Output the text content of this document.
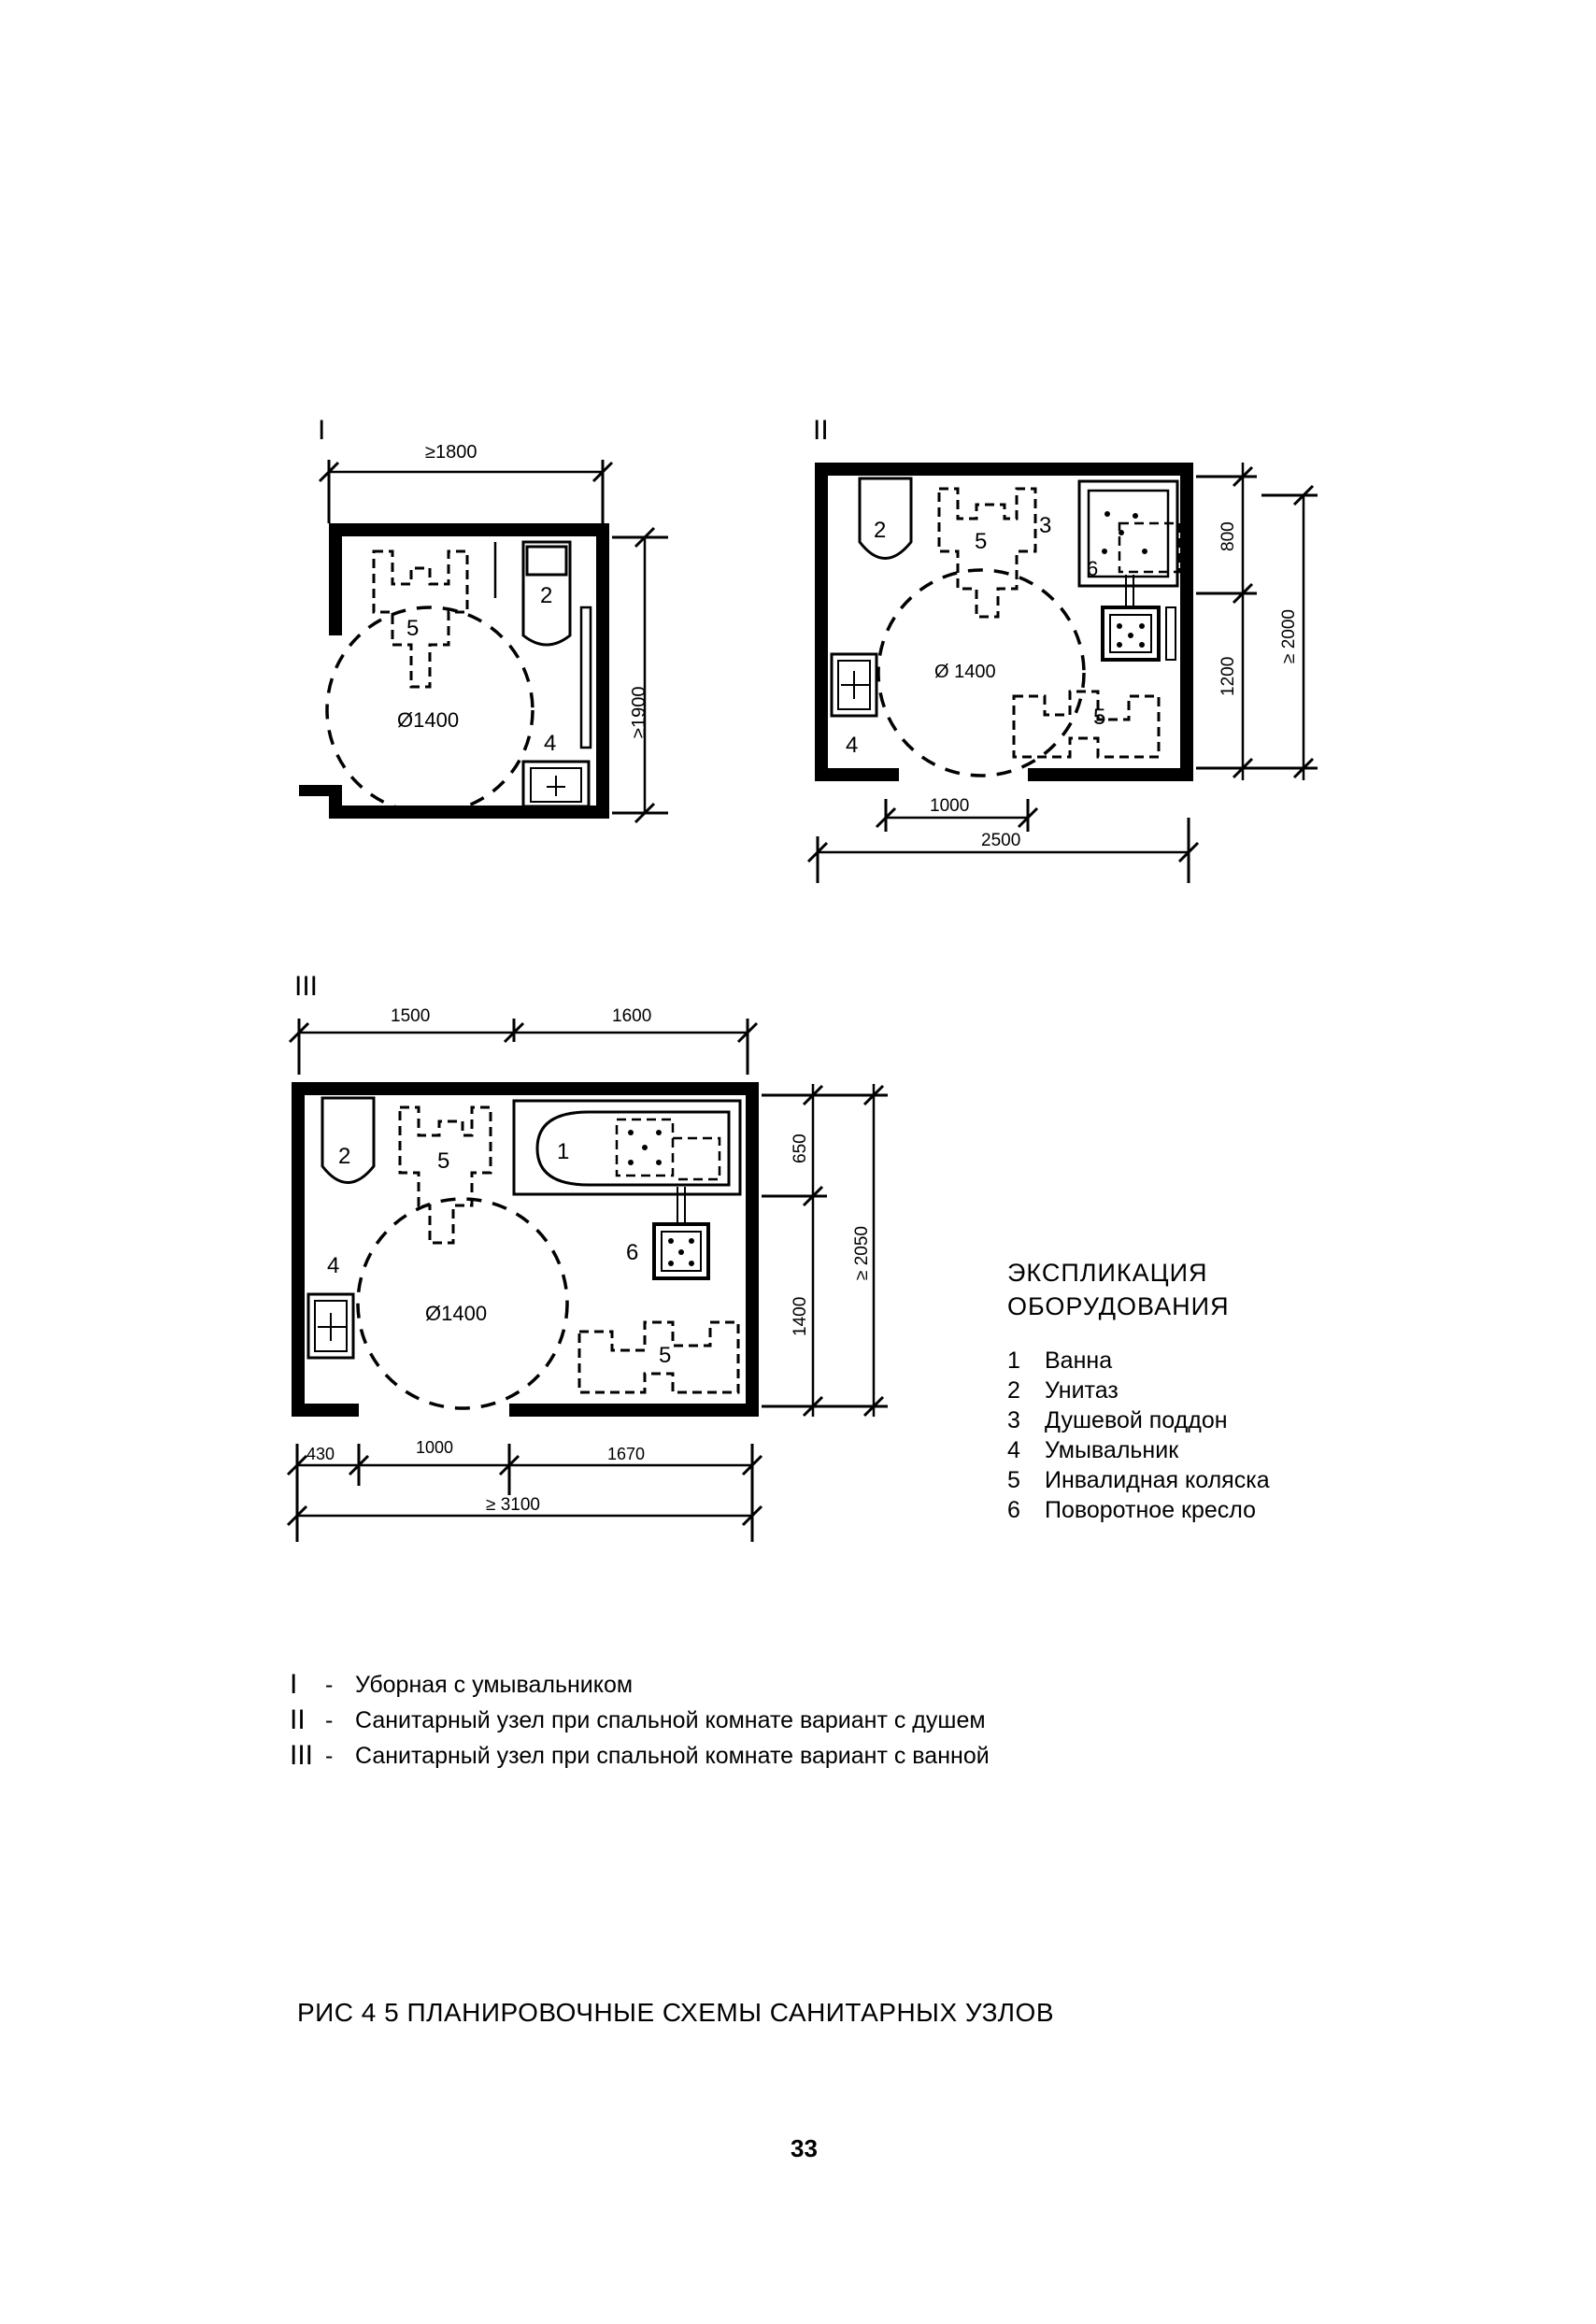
I
≥1800
≥1900
2
Ø1400
5
4
II
2	3
6
Ø 1400
5
5
4
800
1200
≥ 2000
1000
2500
III
1500	1600
2	1
6
5
Ø1400
5
4
650
1400
≥ 2050
430	1000	1670
≥ 3100
ЭКСПЛИКАЦИЯ
ОБОРУДОВАНИЯ
1	Ванна
2	Унитаз
3	Душевой поддон
4	Умывальник
5	Инвалидная коляска
6	Поворотное кресло
I	- Уборная с умывальником
II - Санитарный узел при спальной комнате вариант с душем
III - Санитарный узел при спальной комнате вариант с ванной
РИС 4 5 ПЛАНИРОВОЧНЫЕ СХЕМЫ САНИТАРНЫХ УЗЛОВ
33
